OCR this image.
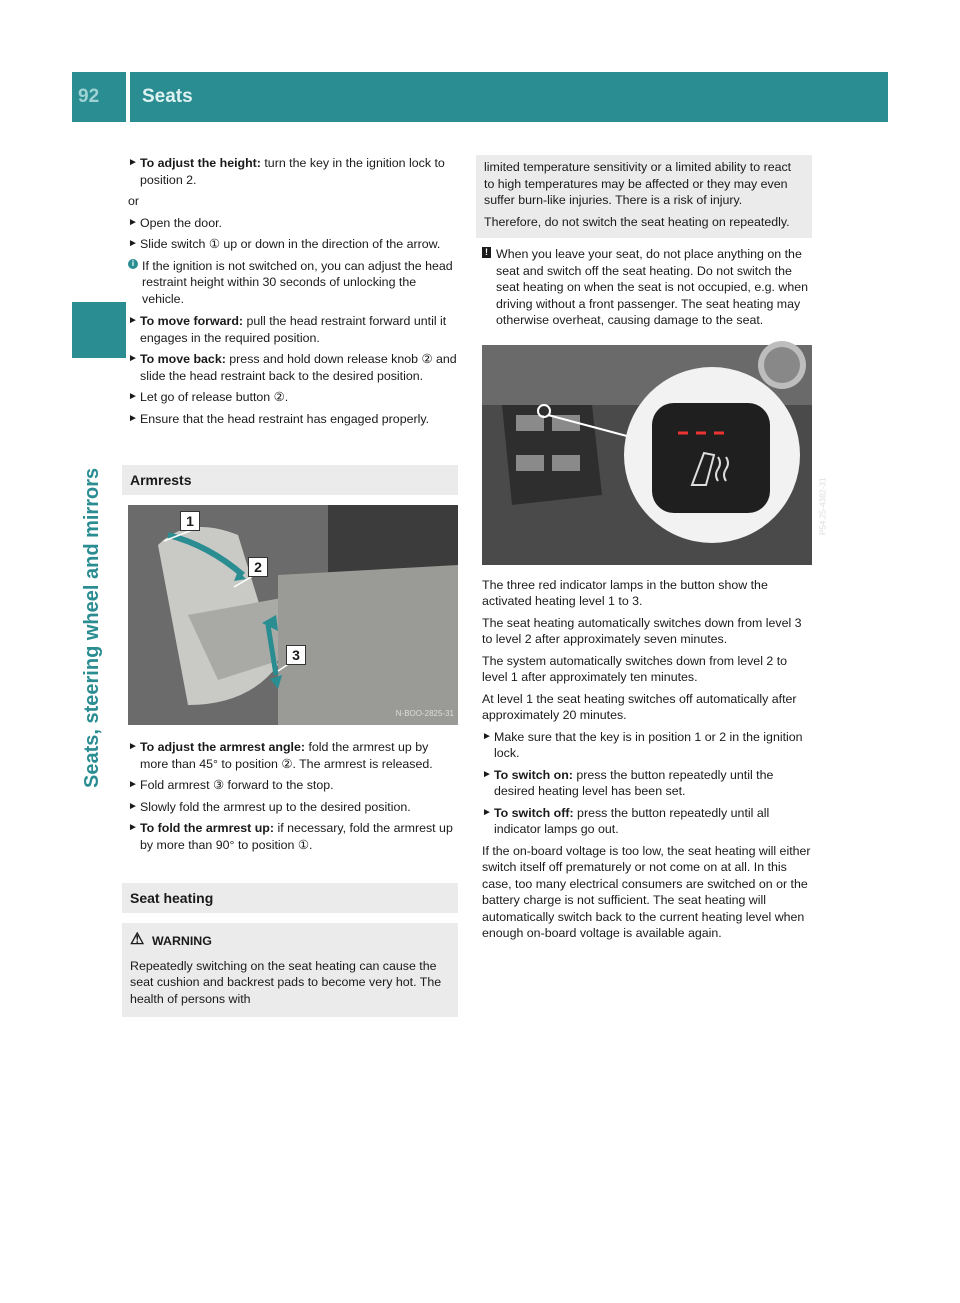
92 Seats
Seats, steering wheel and mirrors
► To adjust the height: turn the key in the ignition lock to position 2.
or
► Open the door.
► Slide switch ① up or down in the direction of the arrow.
i If the ignition is not switched on, you can adjust the head restraint height within 30 seconds of unlocking the vehicle.
► To move forward: pull the head restraint forward until it engages in the required position.
► To move back: press and hold down release knob ② and slide the head restraint back to the desired position.
► Let go of release button ②.
► Ensure that the head restraint has engaged properly.
Armrests
1
2
3
N-BOO-2825-31
► To adjust the armrest angle: fold the armrest up by more than 45° to position ②. The armrest is released.
► Fold armrest ③ forward to the stop.
► Slowly fold the armrest up to the desired position.
► To fold the armrest up: if necessary, fold the armrest up by more than 90° to position ①.
Seat heating
⚠ WARNING
Repeatedly switching on the seat heating can cause the seat cushion and backrest pads to become very hot. The health of persons with
limited temperature sensitivity or a limited ability to react to high temperatures may be affected or they may even suffer burn-like injuries. There is a risk of injury.
Therefore, do not switch the seat heating on repeatedly.
! When you leave your seat, do not place anything on the seat and switch off the seat heating. Do not switch the seat heating on when the seat is not occupied, e.g. when driving without a front passenger. The seat heating may otherwise overheat, causing damage to the seat.
P54.25-4382-31
The three red indicator lamps in the button show the activated heating level 1 to 3.
The seat heating automatically switches down from level 3 to level 2 after approximately seven minutes.
The system automatically switches down from level 2 to level 1 after approximately ten minutes.
At level 1 the seat heating switches off automatically after approximately 20 minutes.
► Make sure that the key is in position 1 or 2 in the ignition lock.
► To switch on: press the button repeatedly until the desired heating level has been set.
► To switch off: press the button repeatedly until all indicator lamps go out.
If the on-board voltage is too low, the seat heating will either switch itself off prematurely or not come on at all. In this case, too many electrical consumers are switched on or the battery charge is not sufficient. The seat heating will automatically switch back to the current heating level when enough on-board voltage is available again.
